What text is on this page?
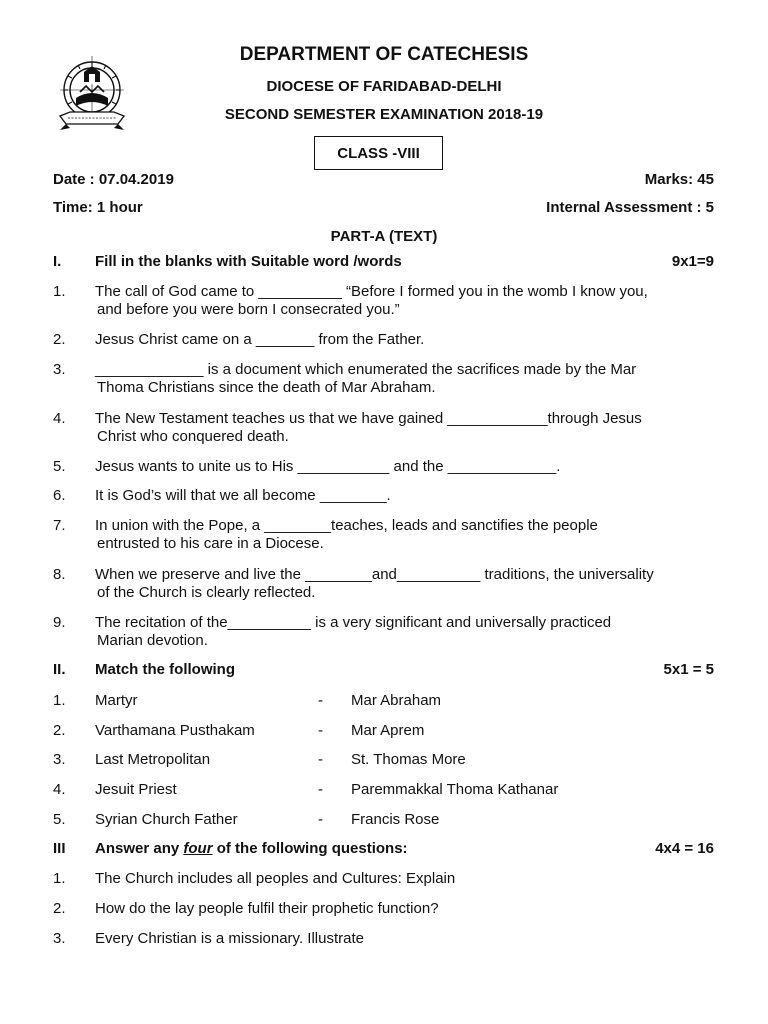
DEPARTMENT OF CATECHESIS
DIOCESE OF FARIDABAD-DELHI
SECOND SEMESTER EXAMINATION 2018-19
CLASS -VIII
Date : 07.04.2019	Marks: 45
Time: 1 hour	Internal Assessment : 5
PART-A (TEXT)
I. Fill in the blanks with Suitable word /words	9x1=9
1. The call of God came to __________ “Before I formed you in the womb I know you,
and before you were born I consecrated you.”
2. Jesus Christ came on a _______ from the Father.
3. _____________ is a document which enumerated the sacrifices made by the Mar
Thoma Christians since the death of Mar Abraham.
4. The New Testament teaches us that we have gained ____________through Jesus
Christ who conquered death.
5. Jesus wants to unite us to His ___________ and the _____________.
6. It is God’s will that we all become ________.
7. In union with the Pope, a ________teaches, leads and sanctifies the people
entrusted to his care in a Diocese.
8. When we preserve and live the ________and__________ traditions, the universality
of the Church is clearly reflected.
9. The recitation of the__________ is a very significant and universally practiced
Marian devotion.
II. Match the following	5x1 = 5
1. Martyr	- Mar Abraham
2. Varthamana Pusthakam	- Mar Aprem
3. Last Metropolitan	- St. Thomas More
4. Jesuit Priest	- Paremmakkal Thoma Kathanar
5. Syrian Church Father	- Francis Rose
III Answer any four of the following questions:	4x4 = 16
1. The Church includes all peoples and Cultures: Explain
2. How do the lay people fulfil their prophetic function?
3. Every Christian is a missionary. Illustrate
